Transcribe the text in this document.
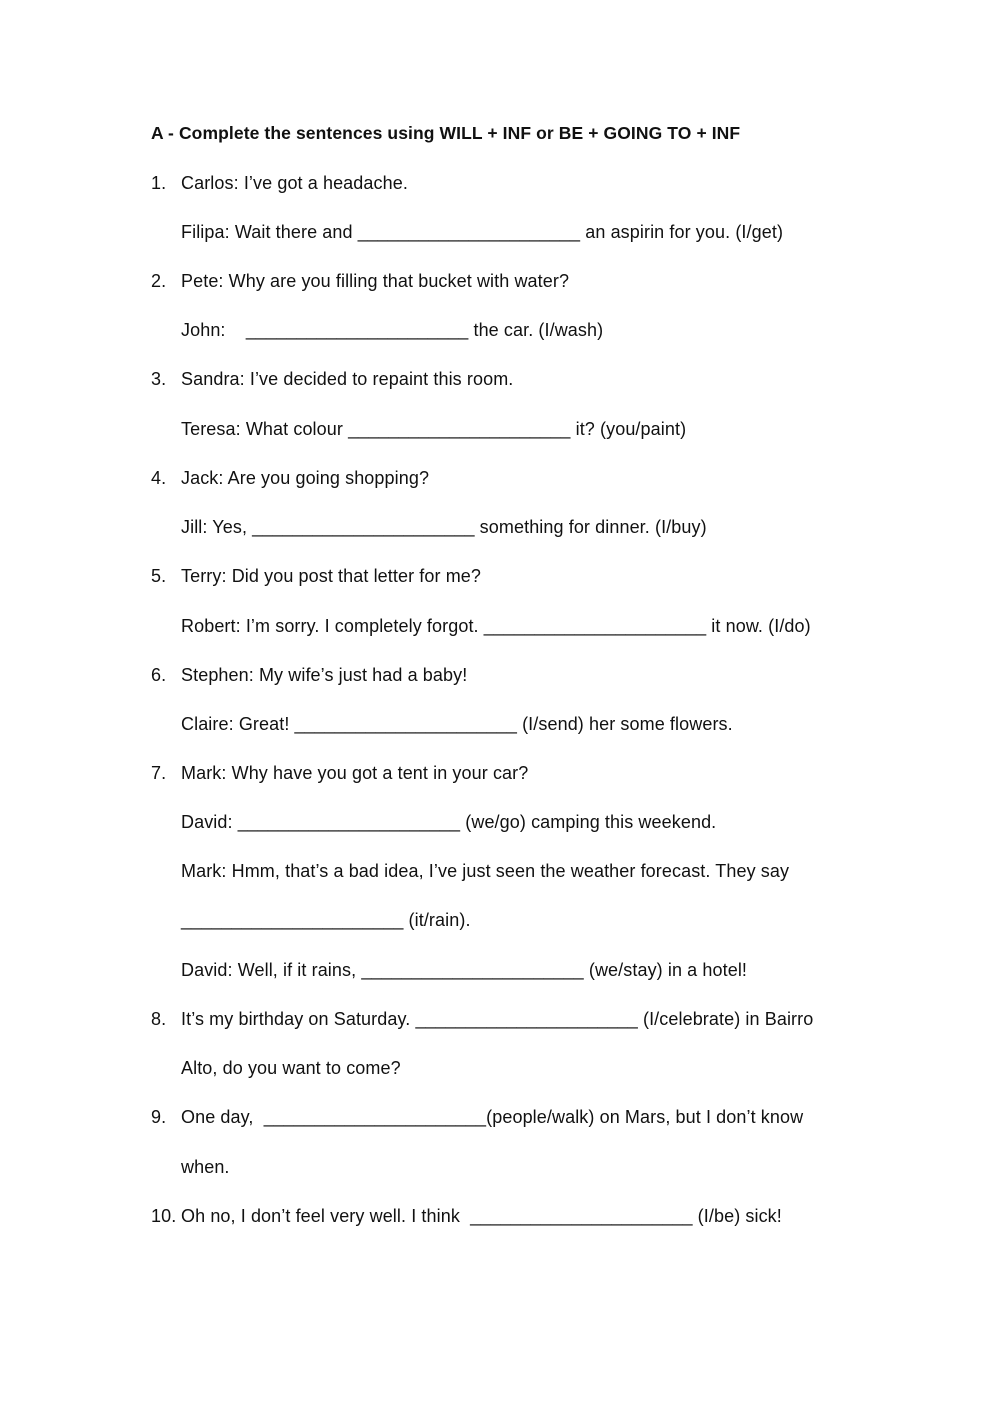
A - Complete the sentences using WILL + INF or BE + GOING TO + INF
1. Carlos: I’ve got a headache.
Filipa: Wait there and ______________________ an aspirin for you. (I/get)
2. Pete: Why are you filling that bucket with water?
John:    ______________________ the car. (I/wash)
3. Sandra: I’ve decided to repaint this room.
Teresa: What colour ______________________ it? (you/paint)
4. Jack: Are you going shopping?
Jill: Yes, ______________________ something for dinner. (I/buy)
5. Terry: Did you post that letter for me?
Robert: I’m sorry. I completely forgot. ______________________ it now. (I/do)
6. Stephen: My wife’s just had a baby!
Claire: Great! ______________________ (I/send) her some flowers.
7. Mark: Why have you got a tent in your car?
David: ______________________ (we/go) camping this weekend.
Mark: Hmm, that’s a bad idea, I’ve just seen the weather forecast. They say
______________________ (it/rain).
David: Well, if it rains, ______________________ (we/stay) in a hotel!
8. It’s my birthday on Saturday. ______________________ (I/celebrate) in Bairro
Alto, do you want to come?
9. One day,  ______________________(people/walk) on Mars, but I don’t know
when.
10. Oh no, I don’t feel very well. I think  ______________________ (I/be) sick!
